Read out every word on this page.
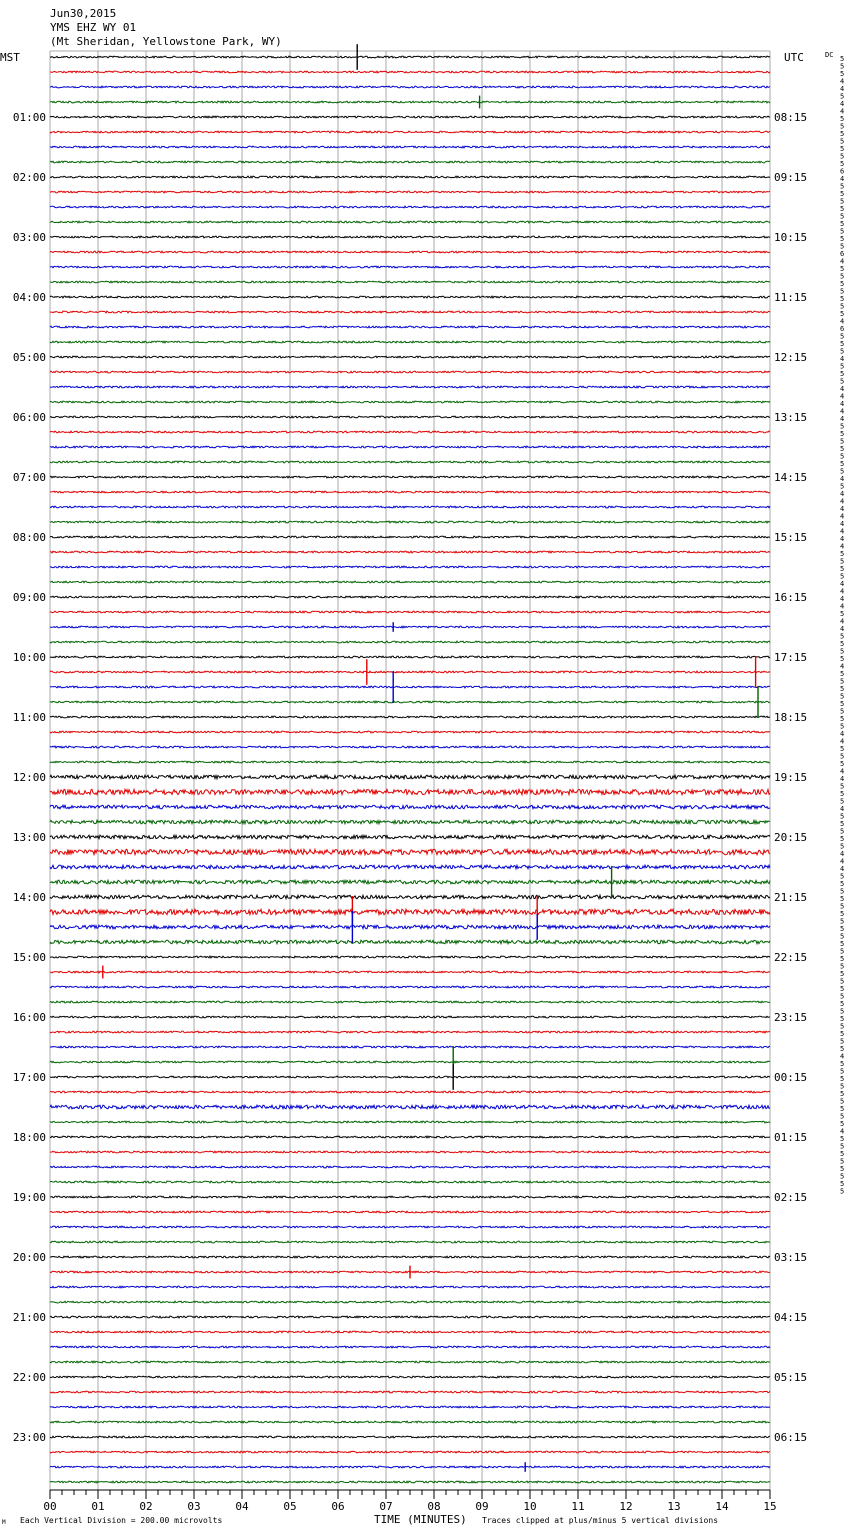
Jun30,2015
YMS EHZ WY 01
(Mt Sheridan, Yellowstone Park, WY)
MST	UTC	DC
01:00
02:00
03:00
04:00
05:00
06:00
07:00
08:00
09:00
10:00
11:00
12:00
13:00
14:00
15:00
16:00
17:00
18:00
19:00
20:00
21:00
22:00
23:00
08:15
09:15
10:15
11:15
12:15
13:15
14:15
15:15
16:15
17:15
18:15
19:15
20:15
21:15
22:15
23:15
00:15
01:15
02:15
03:15
04:15
05:15
06:15
5
5
5
4
4
5
4
4
5
5
5
5
5
5
5
6
4
5
5
5
5
5
5
5
5
5
6
4
5
5
5
5
5
5
5
4
6
5
5
5
4
5
5
5
4
4
4
4
4
5
5
5
5
5
5
5
4
5
4
4
4
4
4
4
4
4
5
5
5
5
4
4
4
4
5
4
4
5
5
5
5
4
5
5
5
5
5
5
5
5
4
4
5
5
5
4
4
5
5
5
4
5
5
5
5
5
4
4
4
5
5
5
5
5
5
5
5
5
5
5
5
5
5
5
5
5
5
5
5
5
5
5
5
4
5
5
5
5
5
5
5
5
5
4
5
5
5
5
5
5
5
5
00	01	02	03	04	05	06	07	08	09	10	11	12	13	14	15
M Each Vertical Division = 200.00 microvolts	TIME (MINUTES) Traces clipped at plus/minus 5 vertical divisions
